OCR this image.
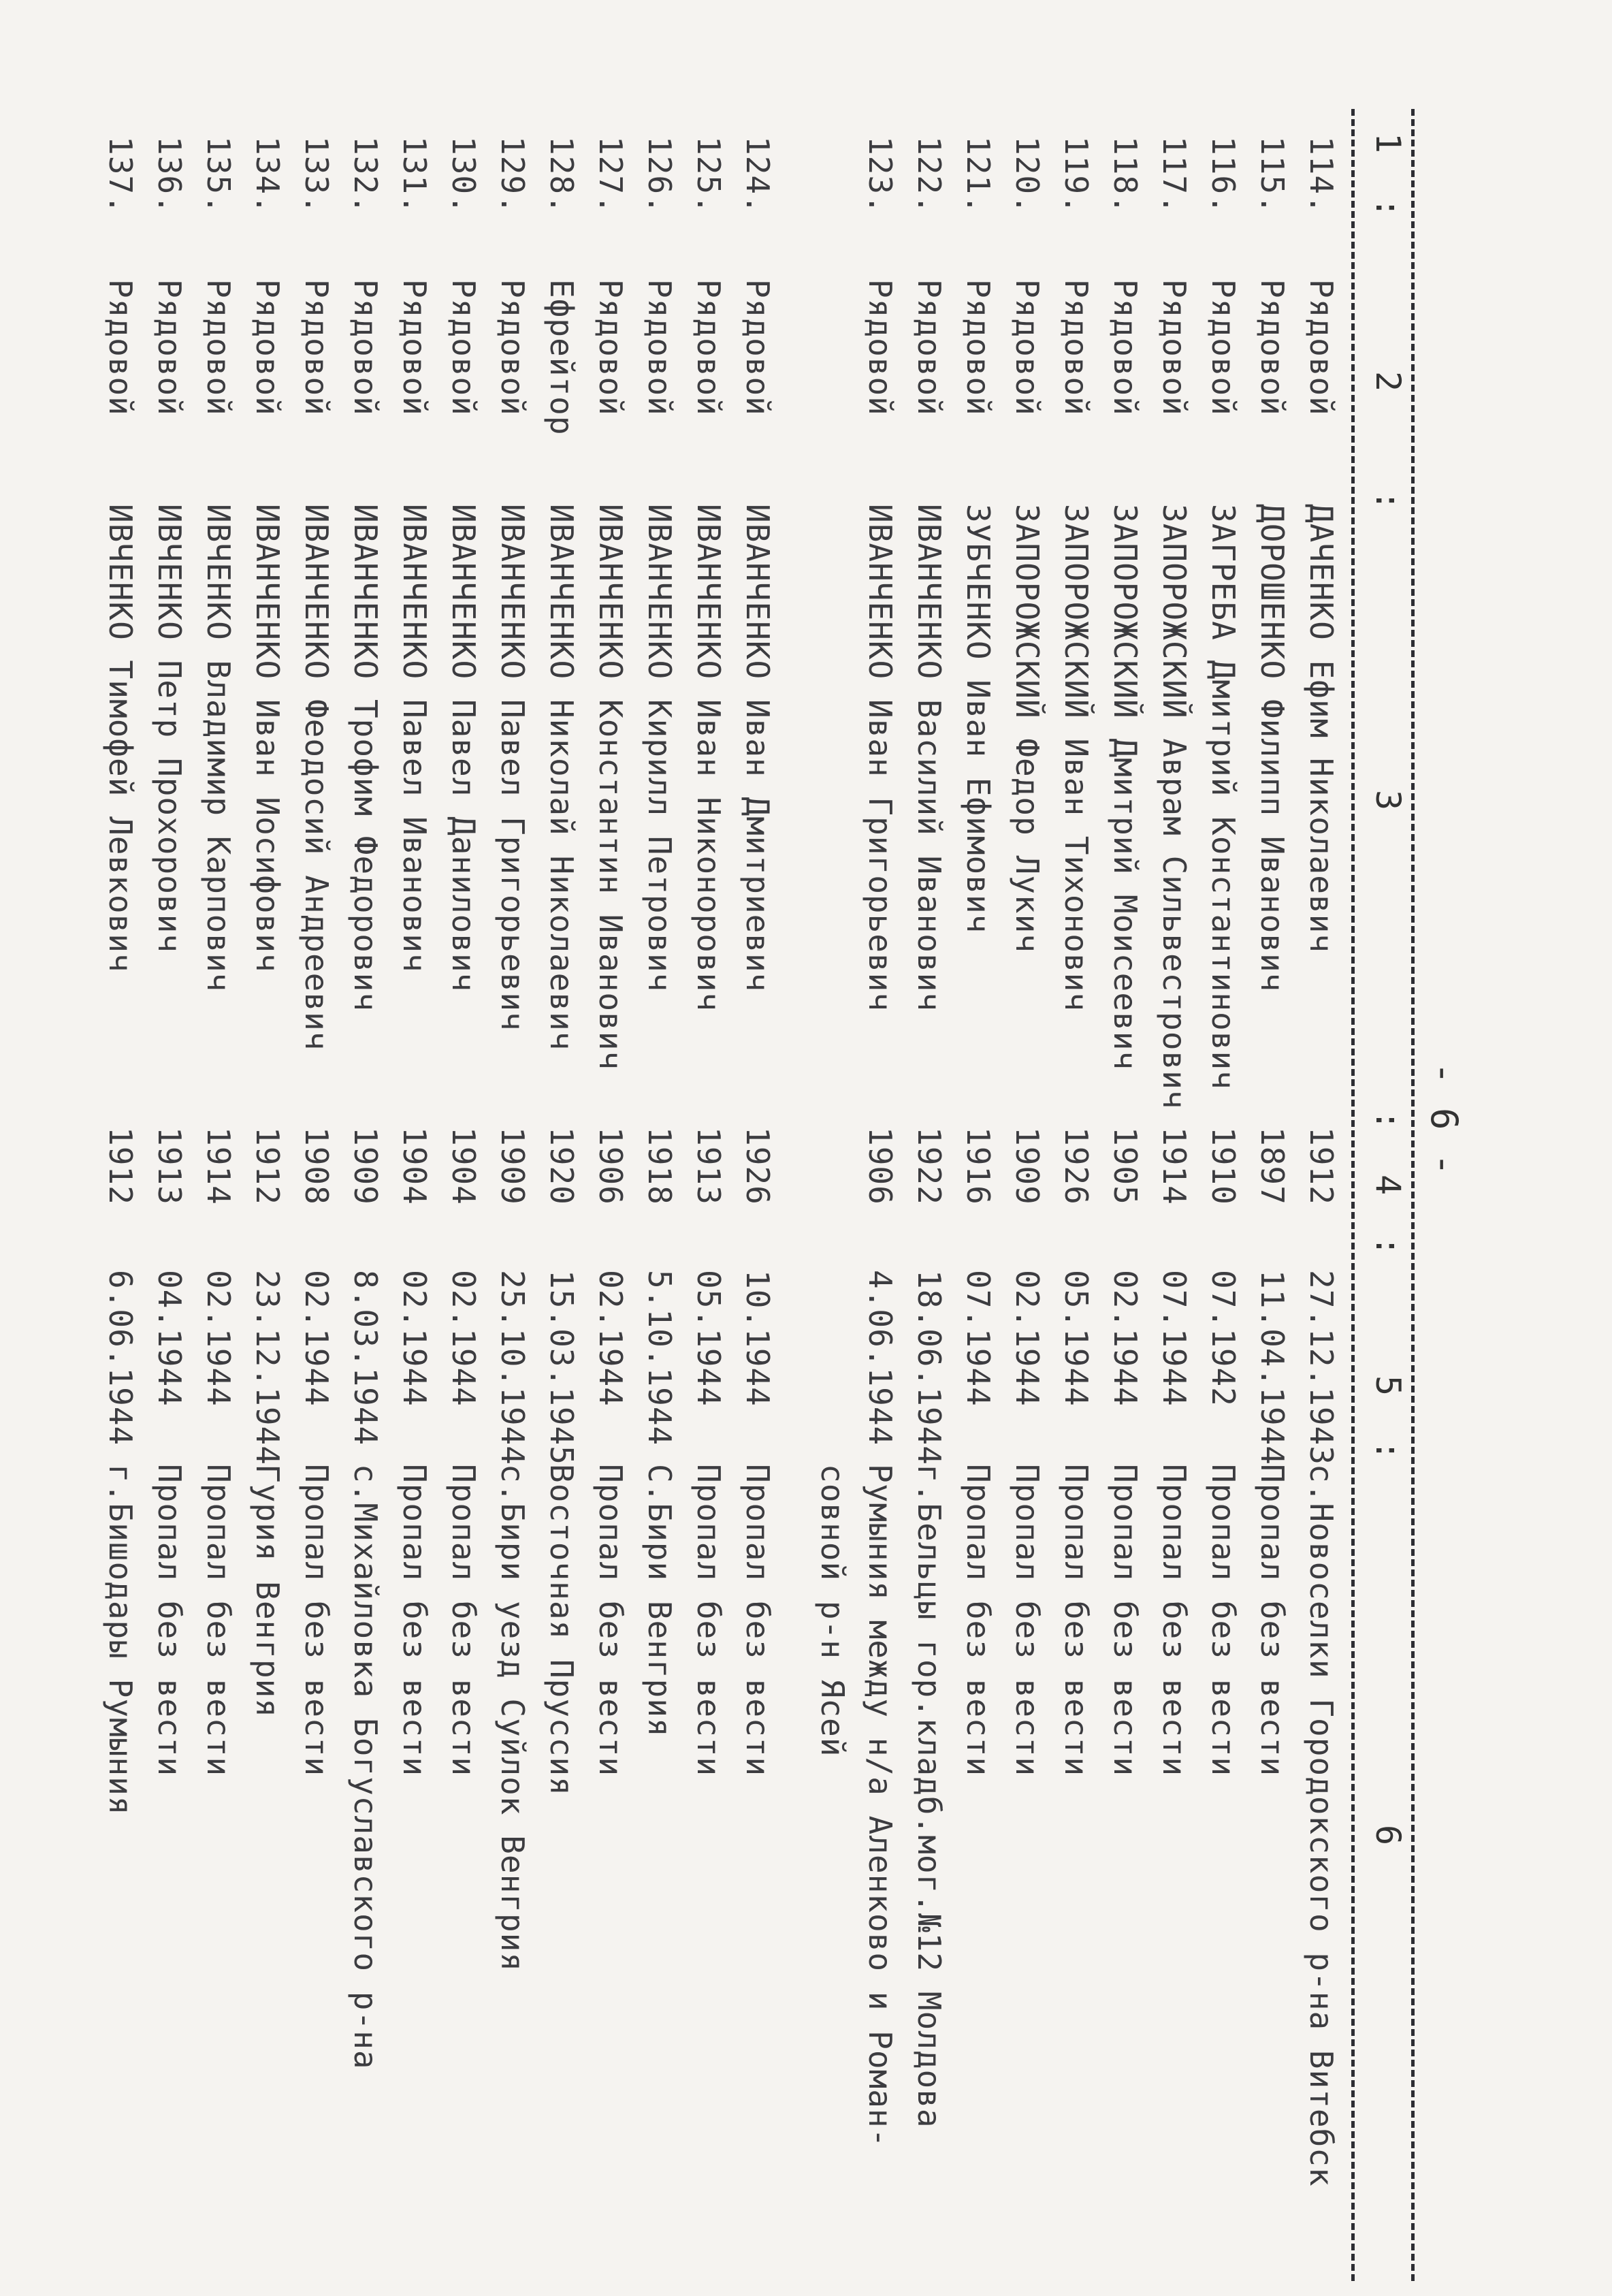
- 6 -
1
:
2
:
3
:
4
:
5
:
6
114.
Рядовой
ДАЧЕНКО Ефим Николаевич
1912
27.12.1943
с.Новоселки Городокского р-на Витебск
115.
Рядовой
ДОРОШЕНКО Филипп Иванович
1897
11.04.1944
Пропал без вести
116.
Рядовой
ЗАГРЕБА Дмитрий Константинович
1910
07.1942
Пропал без вести
117.
Рядовой
ЗАПОРОЖСКИЙ Аврам Сильвестрович
1914
07.1944
Пропал без вести
118.
Рядовой
ЗАПОРОЖСКИЙ Дмитрий Моисеевич
1905
02.1944
Пропал без вести
119.
Рядовой
ЗАПОРОЖСКИЙ Иван Тихонович
1926
05.1944
Пропал без вести
120.
Рядовой
ЗАПОРОЖСКИЙ Федор Лукич
1909
02.1944
Пропал без вести
121.
Рядовой
ЗУБЧЕНКО Иван Ефимович
1916
07.1944
Пропал без вести
122.
Рядовой
ИВАНЧЕНКО Василий Иванович
1922
18.06.1944
г.Бельцы гор.кладб.мог.№12 Молдова
123.
Рядовой
ИВАНЧЕНКО Иван Григорьевич
1906
4.06.1944
Румыния между н/а Аленково и Роман-
совной р-н Ясей
124.
Рядовой
ИВАНЧЕНКО Иван Дмитриевич
1926
10.1944
Пропал без вести
125.
Рядовой
ИВАНЧЕНКО Иван Никонорович
1913
05.1944
Пропал без вести
126.
Рядовой
ИВАНЧЕНКО Кирилл Петрович
1918
5.10.1944
С.Бири Венгрия
127.
Рядовой
ИВАНЧЕНКО Константин Иванович
1906
02.1944
Пропал без вести
128.
Ефрейтор
ИВАНЧЕНКО Николай Николаевич
1920
15.03.1945
Восточная Пруссия
129.
Рядовой
ИВАНЧЕНКО Павел Григорьевич
1909
25.10.1944
с.Бири уезд Суйлок Венгрия
130.
Рядовой
ИВАНЧЕНКО Павел Данилович
1904
02.1944
Пропал без вести
131.
Рядовой
ИВАНЧЕНКО Павел Иванович
1904
02.1944
Пропал без вести
132.
Рядовой
ИВАНЧЕНКО Трофим Федорович
1909
8.03.1944
с.Михайловка Богуславского р-на
133.
Рядовой
ИВАНЧЕНКО Феодосий Андреевич
1908
02.1944
Пропал без вести
134.
Рядовой
ИВАНЧЕНКО Иван Иосифович
1912
23.12.1944
Гурия Венгрия
135.
Рядовой
ИВЧЕНКО Владимир Карпович
1914
02.1944
Пропал без вести
136.
Рядовой
ИВЧЕНКО Петр Прохорович
1913
04.1944
Пропал без вести
137.
Рядовой
ИВЧЕНКО Тимофей Левкович
1912
6.06.1944
г.Бишодары Румыния
